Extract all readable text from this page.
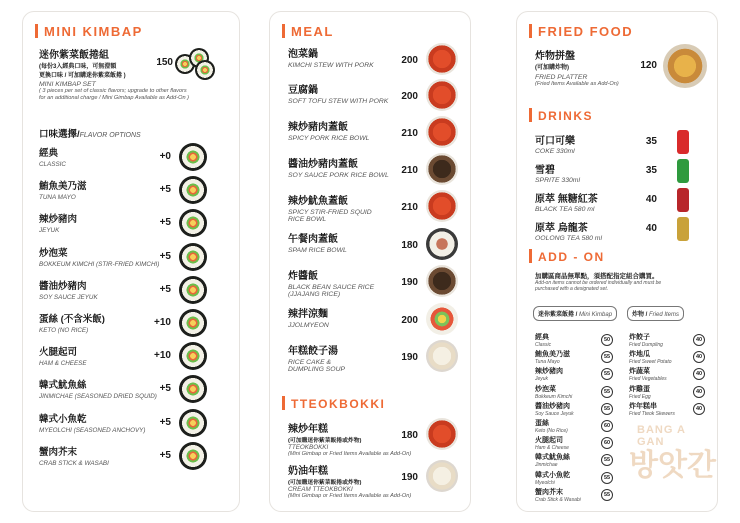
MINI KIMBAP
迷你紫菜飯捲組
(每份3入經典口味，可無澄額
更換口味 / 可加購迷你紫菜飯捲 )
MINI KIMBAP SET
( 3 pieces per set of classic flavors; upgrade to other flavors
for an additional charge / Mini Gimbap Available as Add-On )
150
口味選擇/FLAVOR OPTIONS
經典
CLASSIC
+0
鮪魚美乃滋
TUNA MAYO
+5
辣炒豬肉
JEYUK
+5
炒泡菜
BOKKEUM KIMCHI (STIR-FRIED KIMCHI)
+5
醬油炒豬肉
SOY SAUCE JEYUK
+5
蛋絲 (不含米飯)
KETO (NO RICE)
+10
火腿起司
HAM & CHEESE
+10
韓式魷魚絲
JINMICHAE (SEASONED DRIED SQUID)
+5
韓式小魚乾
MYEOLCHI (SEASONED ANCHOVY)
+5
蟹肉芥末
CRAB STICK & WASABI
+5
MEAL
泡菜鍋
KIMCHI STEW WITH PORK	200
豆腐鍋
SOFT TOFU STEW WITH PORK	200
辣炒豬肉蓋飯
SPICY PORK RICE BOWL	210
醬油炒豬肉蓋飯
SOY SAUCE PORK RICE BOWL	210
辣炒魷魚蓋飯
SPICY STIR-FRIED SQUID
RICE BOWL
210
午餐肉蓋飯
SPAM RICE BOWL	180
炸醬飯
BLACK BEAN SAUCE RICE
(JJAJANG RICE)
190
辣拌涼麵
JJOLMYEON	200
年糕餃子湯
RICE CAKE &
DUMPLING SOUP
190
TTEOKBOKKI
辣炒年糕
(可加購迷你紫菜飯捲或炸物)
TTEOKBOKKI
(Mini Gimbap or Fried Items Available as Add-On)
180
奶油年糕
(可加購迷你紫菜飯捲或炸物)
CREAM TTEOKBOKKI
(Mini Gimbap or Fried Items Available as Add-On)
190
FRIED FOOD
炸物拼盤
(可加購炸物)
FRIED PLATTER
(Fried Items Available as Add-On)
120
DRINKS
可口可樂
COKE 330ml
35
雪碧
SPRITE 330ml
35
原萃 無糖紅茶
BLACK TEA 580 ml
40
原萃 烏龍茶
OOLONG TEA 580 ml
40
ADD - ON
加購區商品無單點，須搭配指定組合購買。
Add-on items cannot be ordered individually and must be
purchased with a designated set.
迷你紫菜飯捲 / Mini Kimbap	炸物 / Fried Items
經典
Classic
50
鮪魚美乃滋
Tuna Mayo
55
辣炒豬肉
Jeyuk
55
炒泡菜
Bokkeum Kimchi
55
醬油炒豬肉
Soy Sauce Jeyuk
55
蛋絲
Keto (No Rice)
60
火腿起司
Ham & Cheese
60
韓式魷魚絲
Jinmichae
55
韓式小魚乾
Myeolchi
55
蟹肉芥末
Crab Stick & Wasabi
55
炸餃子
Fried Dumpling
40
炸地瓜
Fried Sweet Potato
40
炸蔬菜
Fried Vegetables
40
炸雞蛋
Fried Egg
40
炸年糕串
Fried Tteok Skewers
40
BANG A GAN
방앗간
